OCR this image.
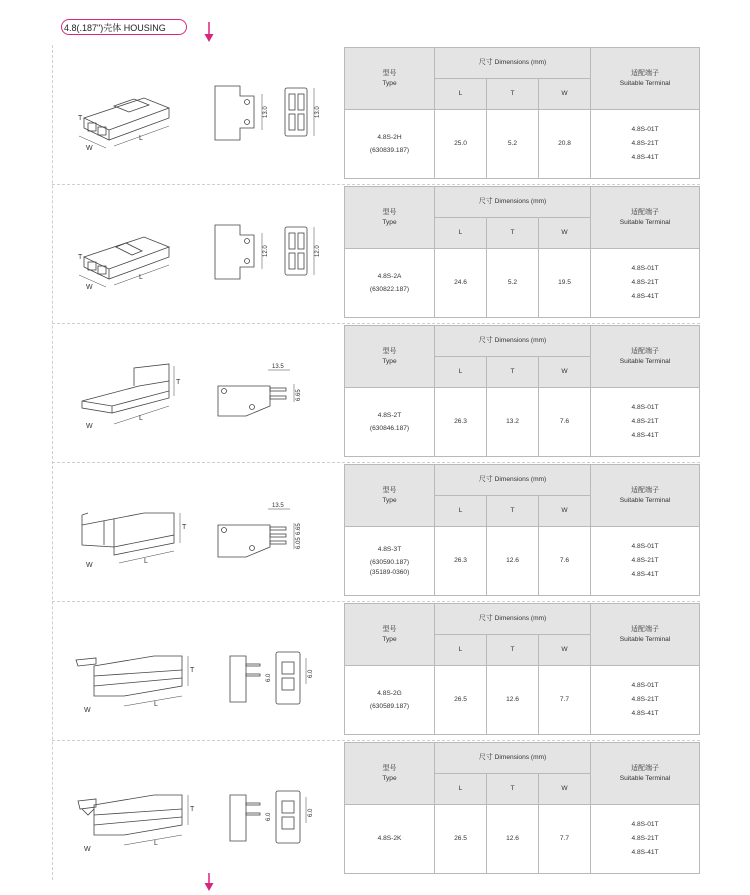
4.8(.187")壳体 HOUSING
L
T
W
13.0	13.0
型号
Type	尺寸 Dimensions (mm)			适配端子
Suitable Terminal

	L	T	W	

4.8S-2H
(630839.187)	25.0	5.2	20.8	4.8S-01T
4.8S-21T
4.8S-41T
L
T
W
12.0	12.0
型号
Type	尺寸 Dimensions (mm)			适配端子
Suitable Terminal

	L	T	W	

4.8S-2A
(630822.187)	24.6	5.2	19.5	4.8S-01T
4.8S-21T
4.8S-41T
L
T
W
13.5
6.65
型号
Type	尺寸 Dimensions (mm)			适配端子
Suitable Terminal

	L	T	W	

4.8S-2T
(630846.187)	26.3	13.2	7.6	4.8S-01T
4.8S-21T
4.8S-41T
L
T
W
13.5
6.05
6.65
型号
Type	尺寸 Dimensions (mm)			适配端子
Suitable Terminal

	L	T	W	

4.8S-3T
(630590.187)
(35189-0360)	26.3	12.6	7.6	4.8S-01T
4.8S-21T
4.8S-41T
L
T
W
6.0	6.0
型号
Type	尺寸 Dimensions (mm)			适配端子
Suitable Terminal

	L	T	W	

4.8S-2G
(630589.187)	26.5	12.6	7.7	4.8S-01T
4.8S-21T
4.8S-41T
L
T
W
6.0	6.0
型号
Type	尺寸 Dimensions (mm)			适配端子
Suitable Terminal

	L	T	W	

4.8S-2K	26.5	12.6	7.7	4.8S-01T
4.8S-21T
4.8S-41T
